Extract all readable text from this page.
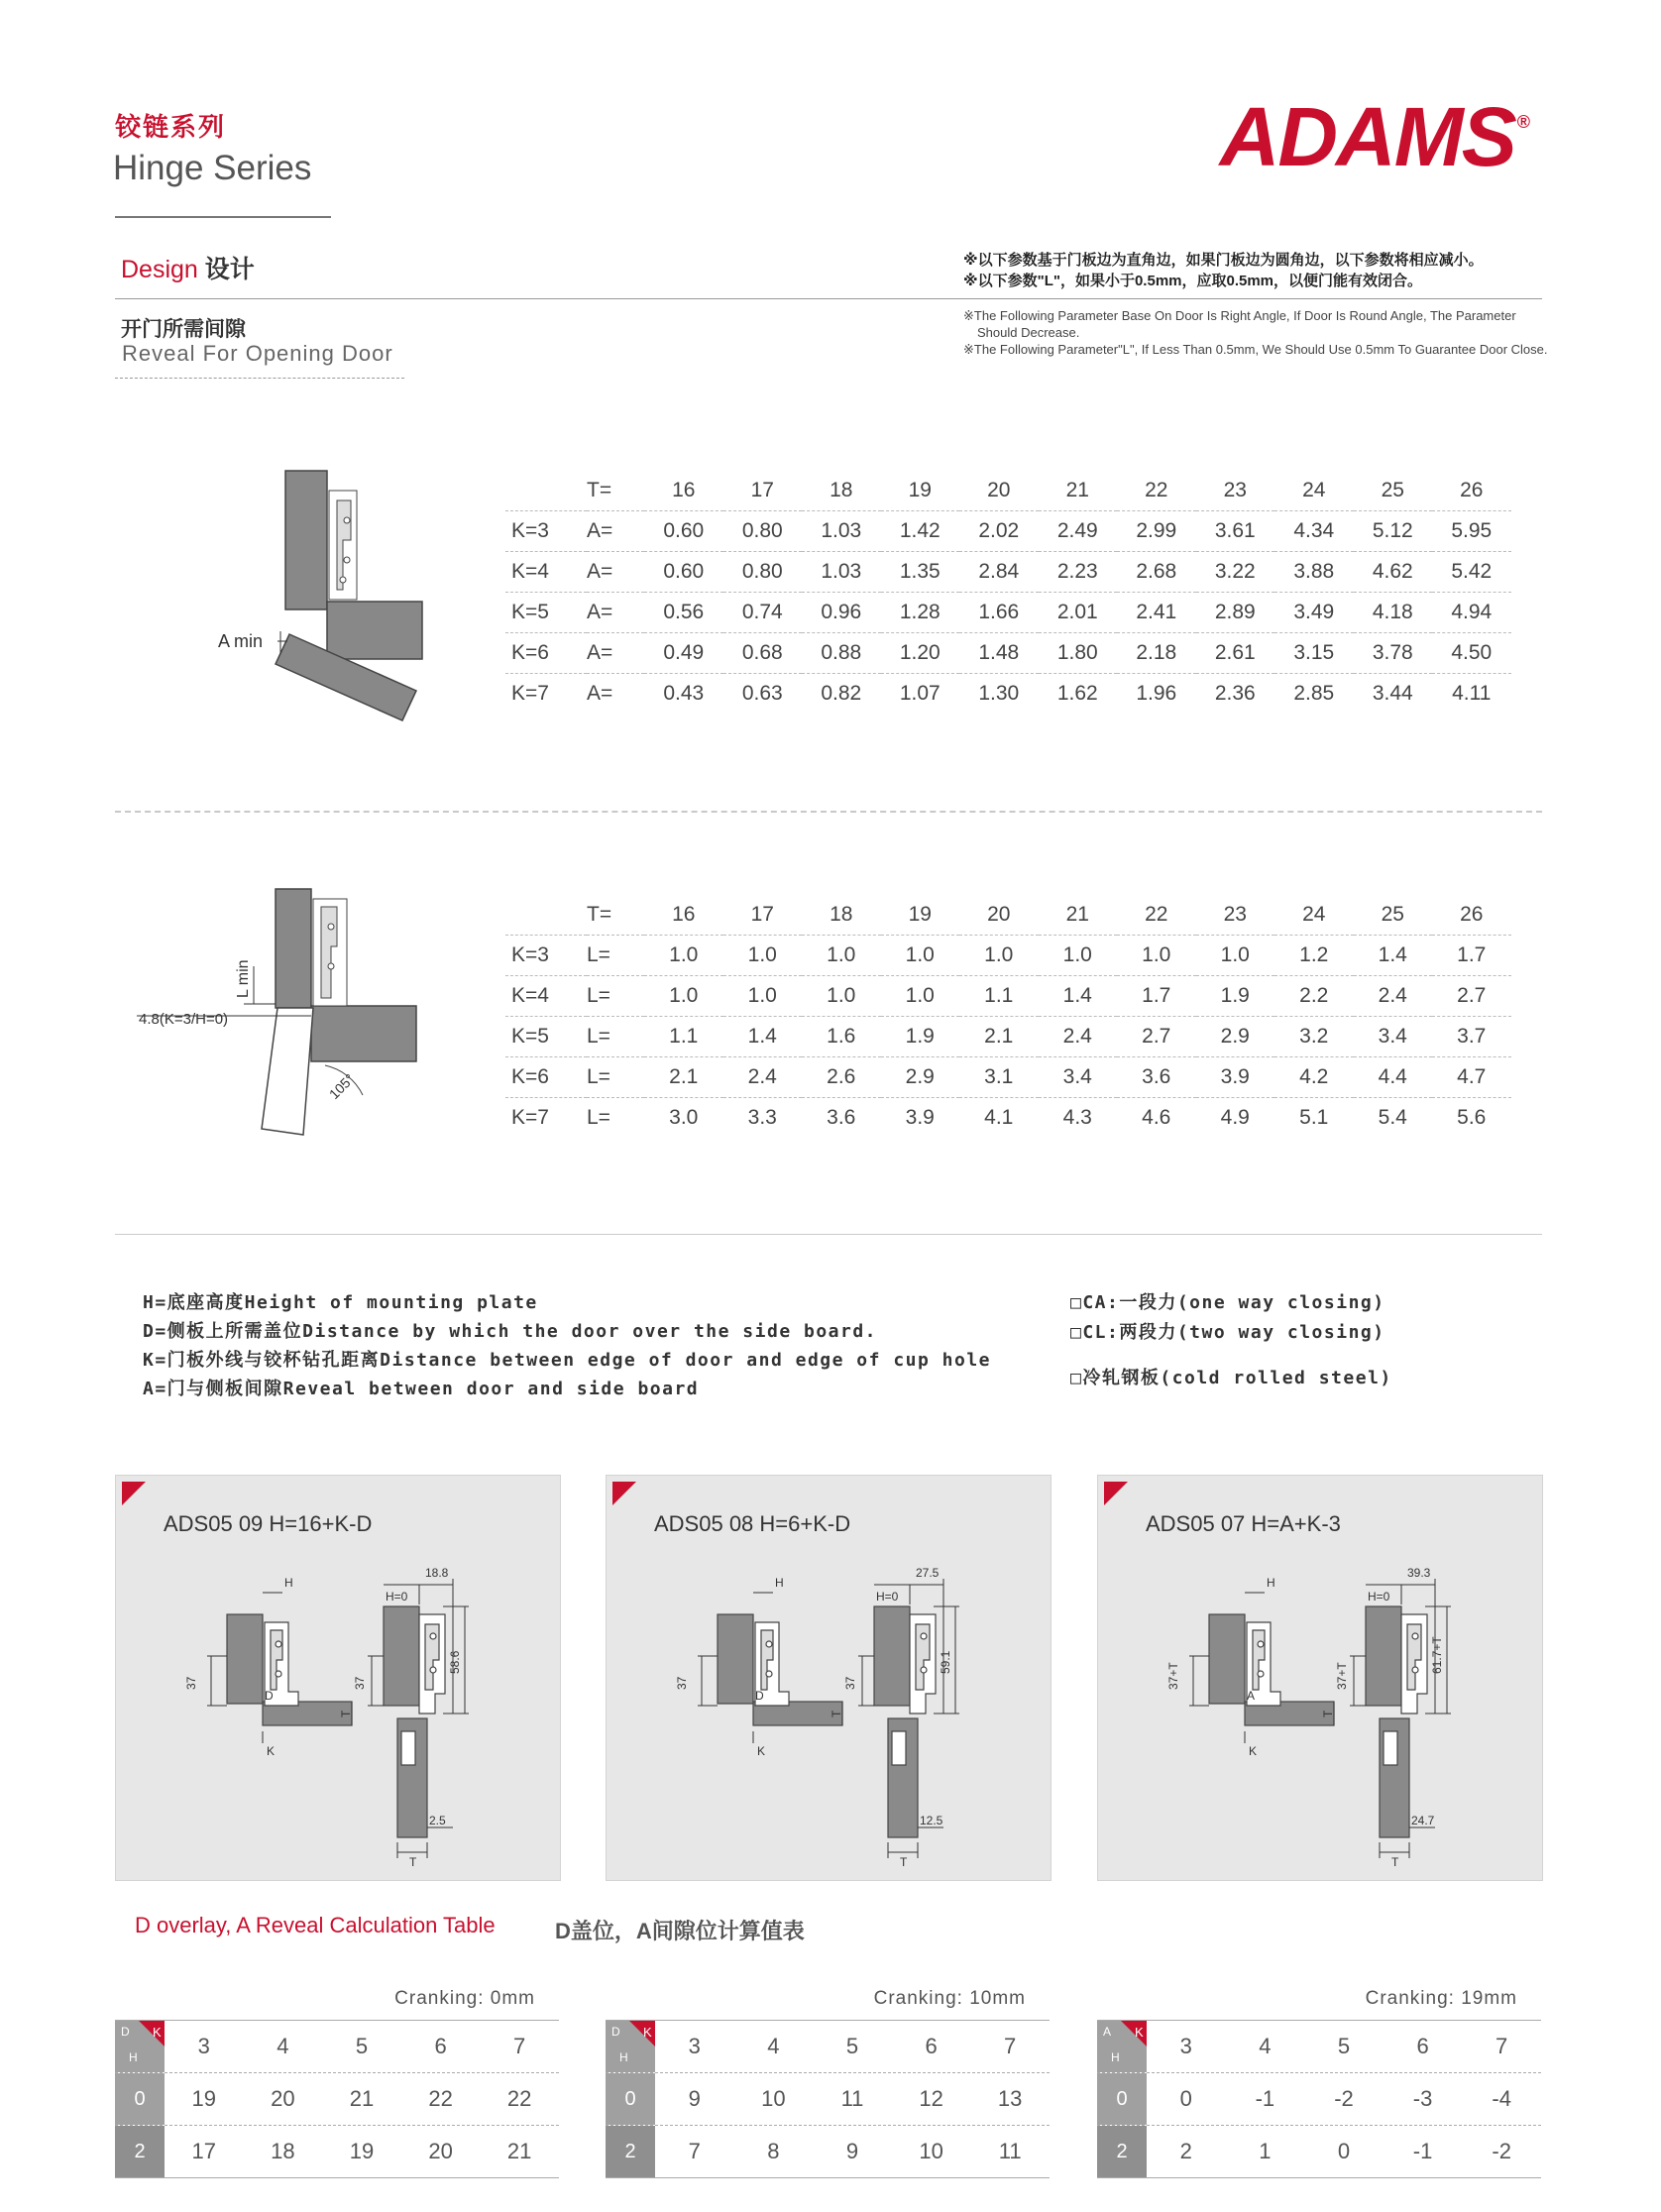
铰链系列
Hinge Series	ADAMS ®
Design 设计
开门所需间隙
Reveal For Opening Door
※以下参数基于门板边为直角边，如果门板边为圆角边，以下参数将相应减小。
※以下参数"L"，如果小于0.5mm，应取0.5mm，以便门能有效闭合。
※The Following Parameter Base On Door Is Right Angle, If Door Is Round Angle, The Parameter Should Decrease.
※The Following Parameter"L", If Less Than 0.5mm, We Should Use 0.5mm To Guarantee Door Close.
A min
	T=	16	17	18	19	20	21	22	23	24	25	26
K=3	A=	0.60	0.80	1.03	1.42	2.02	2.49	2.99	3.61	4.34	5.12	5.95
K=4	A=	0.60	0.80	1.03	1.35	2.84	2.23	2.68	3.22	3.88	4.62	5.42
K=5	A=	0.56	0.74	0.96	1.28	1.66	2.01	2.41	2.89	3.49	4.18	4.94
K=6	A=	0.49	0.68	0.88	1.20	1.48	1.80	2.18	2.61	3.15	3.78	4.50
K=7	A=	0.43	0.63	0.82	1.07	1.30	1.62	1.96	2.36	2.85	3.44	4.11
L min
4.8(K=3/H=0)
105°
	T=	16	17	18	19	20	21	22	23	24	25	26
K=3	L=	1.0	1.0	1.0	1.0	1.0	1.0	1.0	1.0	1.2	1.4	1.7
K=4	L=	1.0	1.0	1.0	1.0	1.1	1.4	1.7	1.9	2.2	2.4	2.7
K=5	L=	1.1	1.4	1.6	1.9	2.1	2.4	2.7	2.9	3.2	3.4	3.7
K=6	L=	2.1	2.4	2.6	2.9	3.1	3.4	3.6	3.9	4.2	4.4	4.7
K=7	L=	3.0	3.3	3.6	3.9	4.1	4.3	4.6	4.9	5.1	5.4	5.6
H=底座高度Height of mounting plate
D=侧板上所需盖位Distance by which the door over the side board.
K=门板外线与铰杯钻孔距离Distance between edge of door and edge of cup hole
A=门与侧板间隙Reveal between door and side board
□CA:一段力(one way closing)
□CL:两段力(two way closing)
□冷轧钢板(cold rolled steel)
ADS05 09 H=16+K-D
37
D
K
T
H
37
18.8
58.6
2.5
H=0
T
ADS05 08 H=6+K-D
37
D
K
T
H
37
27.5
59.1
12.5
H=0
T
ADS05 07 H=A+K-3
37+T
A
K
T
H
37+T
39.3
61.7+T
24.7
H=0
T
D overlay, A Reveal Calculation Table	D盖位，A间隙位计算值表
Cranking: 0mm	Cranking: 10mm	Cranking: 19mm
D
H
K
3	4	5	6	7
0	19	20	21	22	22
2	17	18	19	20	21
D
H
K
3	4	5	6	7
0	9	10	11	12	13
2	7	8	9	10	11
A
H
K
3	4	5	6	7
0	0	-1	-2	-3	-4
2	2	1	0	-1	-2
